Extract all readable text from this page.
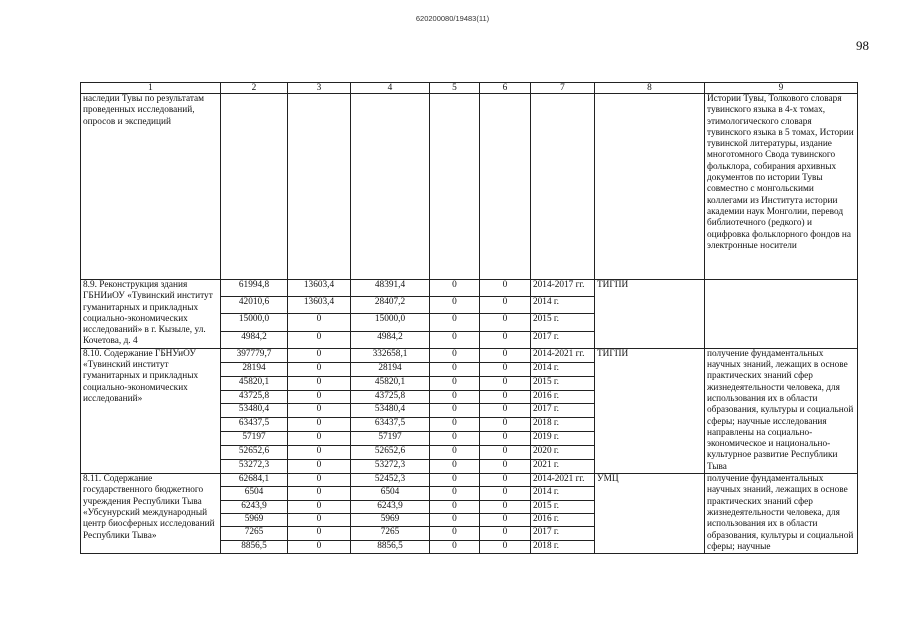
620200080/19483(11)
98
1	2	3	4	5	6	7	8	9
наследии Тувы по результатам проведенных исследований, опросов и экспедиций								Истории Тувы, Толкового словаря тувинского языка в 4-х томах, этимологического словаря тувинского языка в 5 томах, Истории тувинской литературы, издание многотомного Свода тувинского фольклора, собирания архивных документов по истории Тувы совместно с монгольскими коллегами из Института истории академии наук Монголии, перевод библиотечного (редкого) и оцифровка фольклорного фондов на электронные носители
8.9. Реконструкция здания ГБНИиОУ «Тувинский институт гуманитарных и прикладных социально-экономических исследований» в г. Кызыле, ул. Кочетова, д. 4	61994,8	13603,4	48391,4	0	0	2014-2017 гг.	ТИГПИ	
	42010,6	13603,4	28407,2	0	0	2014 г.		
	15000,0	0	15000,0	0	0	2015 г.		
	4984,2	0	4984,2	0	0	2017 г.		
8.10. Содержание ГБНУиОУ «Тувинский институт гуманитарных и прикладных социально-экономических исследований»	397779,7	0	332658,1	0	0	2014-2021 гг.	ТИГПИ	получение фундаментальных научных знаний, лежащих в основе практических знаний сфер жизнедеятельности человека, для использования их в области образования, культуры и социальной сферы; научные исследования направлены на социально-экономическое и национально-культурное развитие Республики Тыва
	28194	0	28194	0	0	2014 г.		
	45820,1	0	45820,1	0	0	2015 г.		
	43725,8	0	43725,8	0	0	2016 г.		
	53480,4	0	53480,4	0	0	2017 г.		
	63437,5	0	63437,5	0	0	2018 г.		
	57197	0	57197	0	0	2019 г.		
	52652,6	0	52652,6	0	0	2020 г.		
	53272,3	0	53272,3	0	0	2021 г.		
8.11. Содержание государственного бюджетного учреждения Республики Тыва «Убсунурский международный центр биосферных исследований Республики Тыва»	62684,1	0	52452,3	0	0	2014-2021 гг.	УМЦ	получение фундаментальных научных знаний, лежащих в основе практических знаний сфер жизнедеятельности человека, для использования их в области образования, культуры и социальной сферы; научные
	6504	0	6504	0	0	2014 г.		
	6243,9	0	6243,9	0	0	2015 г.		
	5969	0	5969	0	0	2016 г.		
	7265	0	7265	0	0	2017 г.		
	8856,5	0	8856,5	0	0	2018 г.		
